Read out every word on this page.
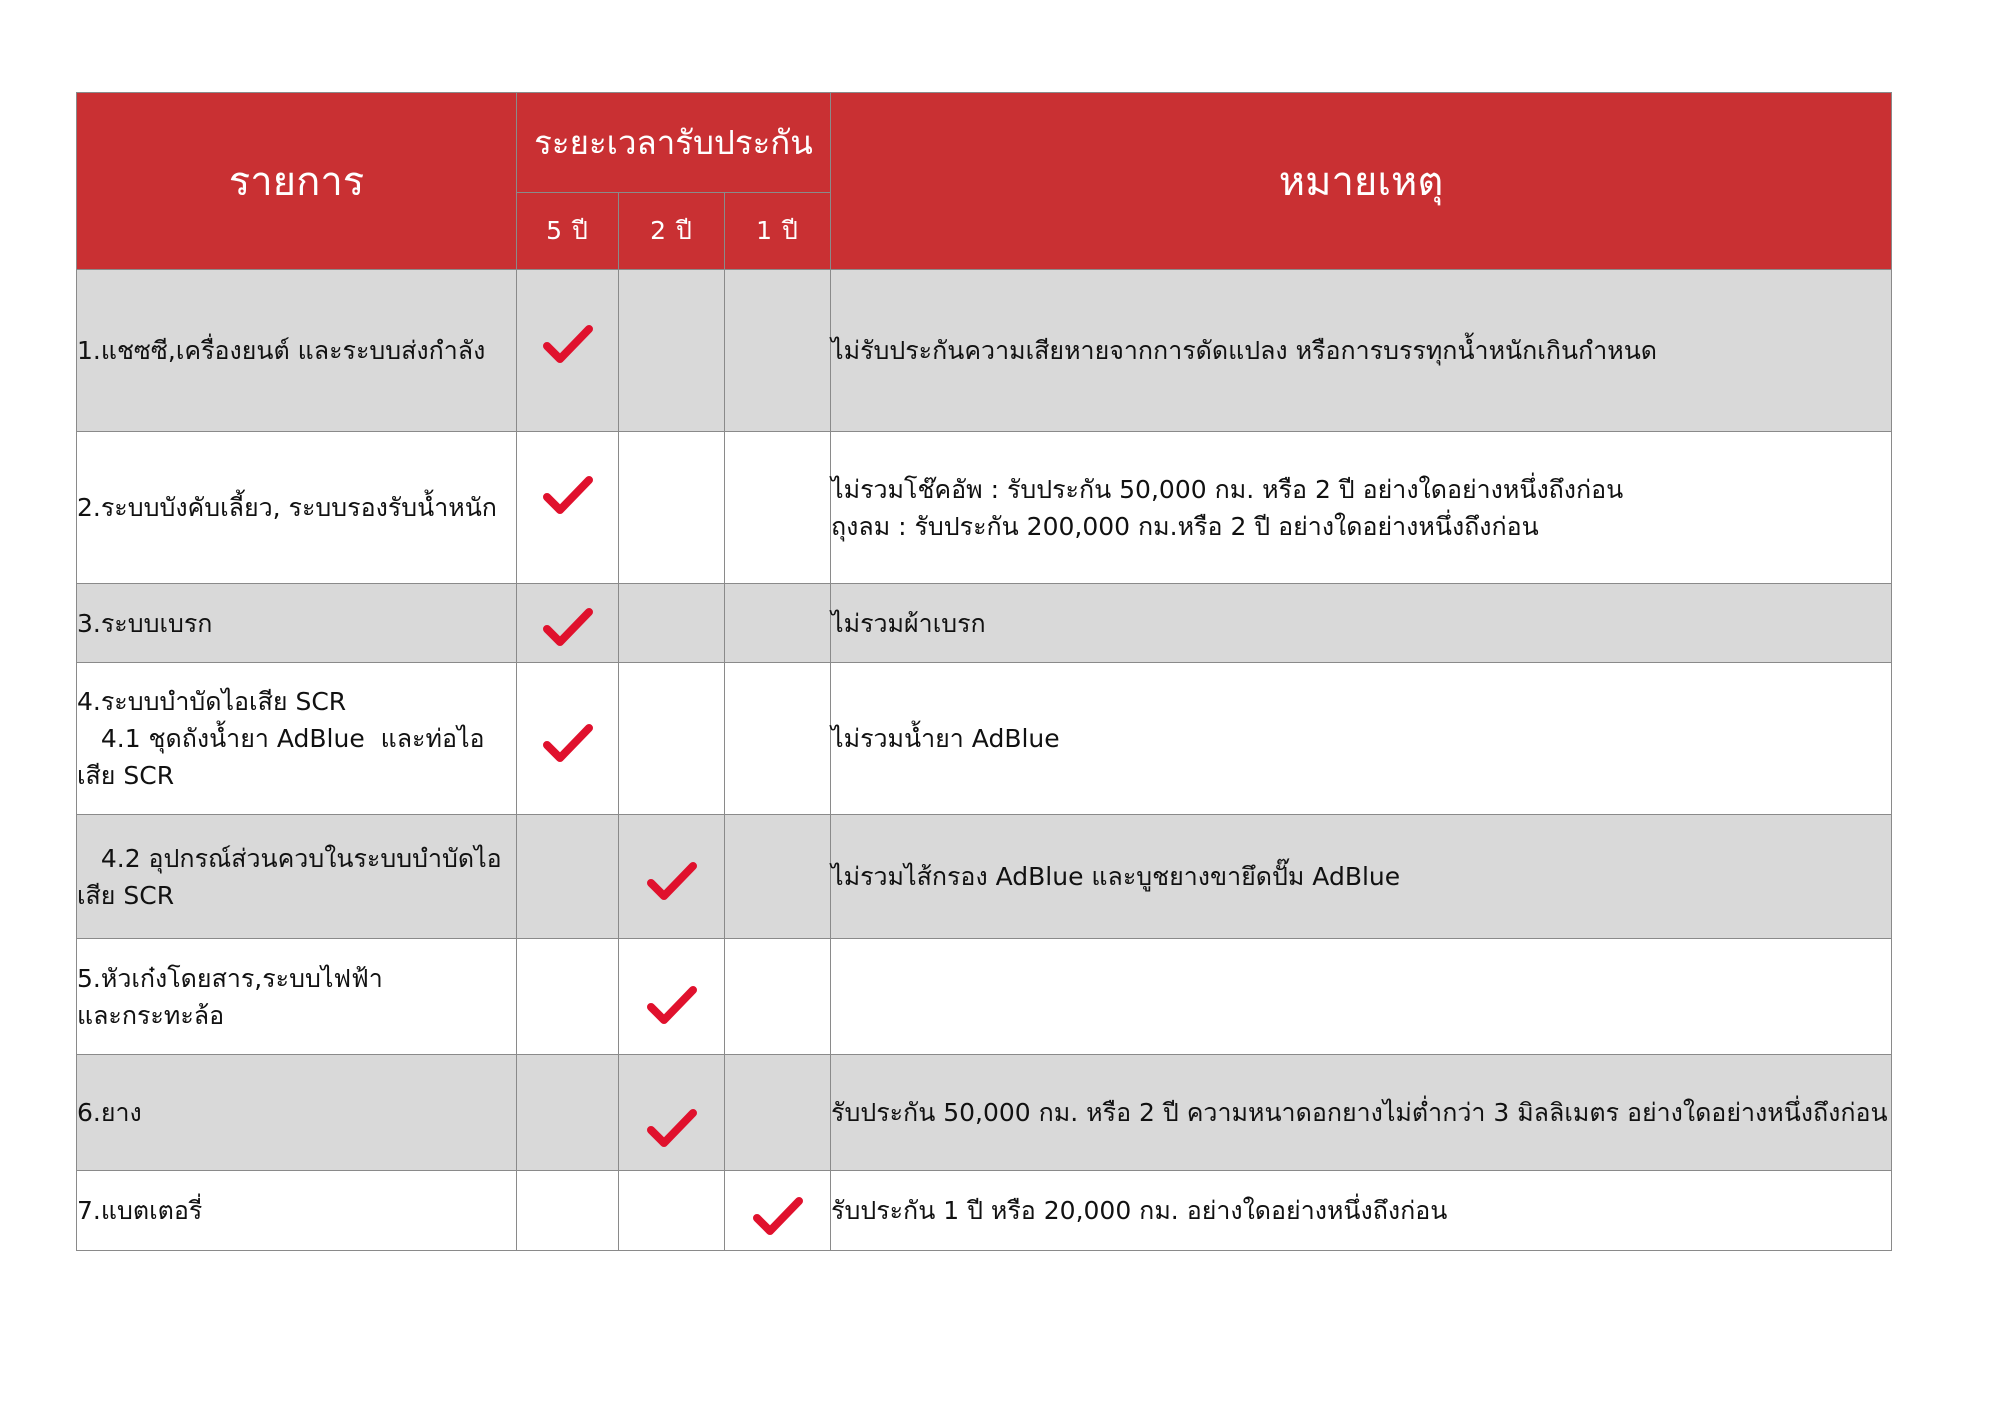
รายการ	ระยะเวลารับประกัน			หมายเหตุ
	5 ปี	2 ปี	1 ปี	

1.แชซซี,เครื่องยนต์ และระบบส่งกำลัง				ไม่รับประกันความเสียหายจากการดัดแปลง หรือการบรรทุกน้ำหนักเกินกำหนด

2.ระบบบังคับเลี้ยว, ระบบรองรับน้ำหนัก				ไม่รวมโช๊คอัพ : รับประกัน 50,000 กม. หรือ 2 ปี อย่างใดอย่างหนึ่งถึงก่อน
ถุงลม : รับประกัน 200,000 กม.หรือ 2 ปี อย่างใดอย่างหนึ่งถึงก่อน

3.ระบบเบรก				ไม่รวมผ้าเบรก

4.ระบบบำบัดไอเสีย SCR
4.1 ชุดถังน้ำยา AdBlue  และท่อไอ
เสีย SCR				ไม่รวมน้ำยา AdBlue

4.2 อุปกรณ์ส่วนควบในระบบบำบัดไอ
เสีย SCR				ไม่รวมไส้กรอง AdBlue และบูชยางขายึดปั๊ม AdBlue

5.หัวเก๋งโดยสาร,ระบบไฟฟ้า
และกระทะล้อ

6.ยาง				รับประกัน 50,000 กม. หรือ 2 ปี ความหนาดอกยางไม่ต่ำกว่า 3 มิลลิเมตร อย่างใดอย่างหนึ่งถึงก่อน

7.แบตเตอรี่				รับประกัน 1 ปี หรือ 20,000 กม. อย่างใดอย่างหนึ่งถึงก่อน
